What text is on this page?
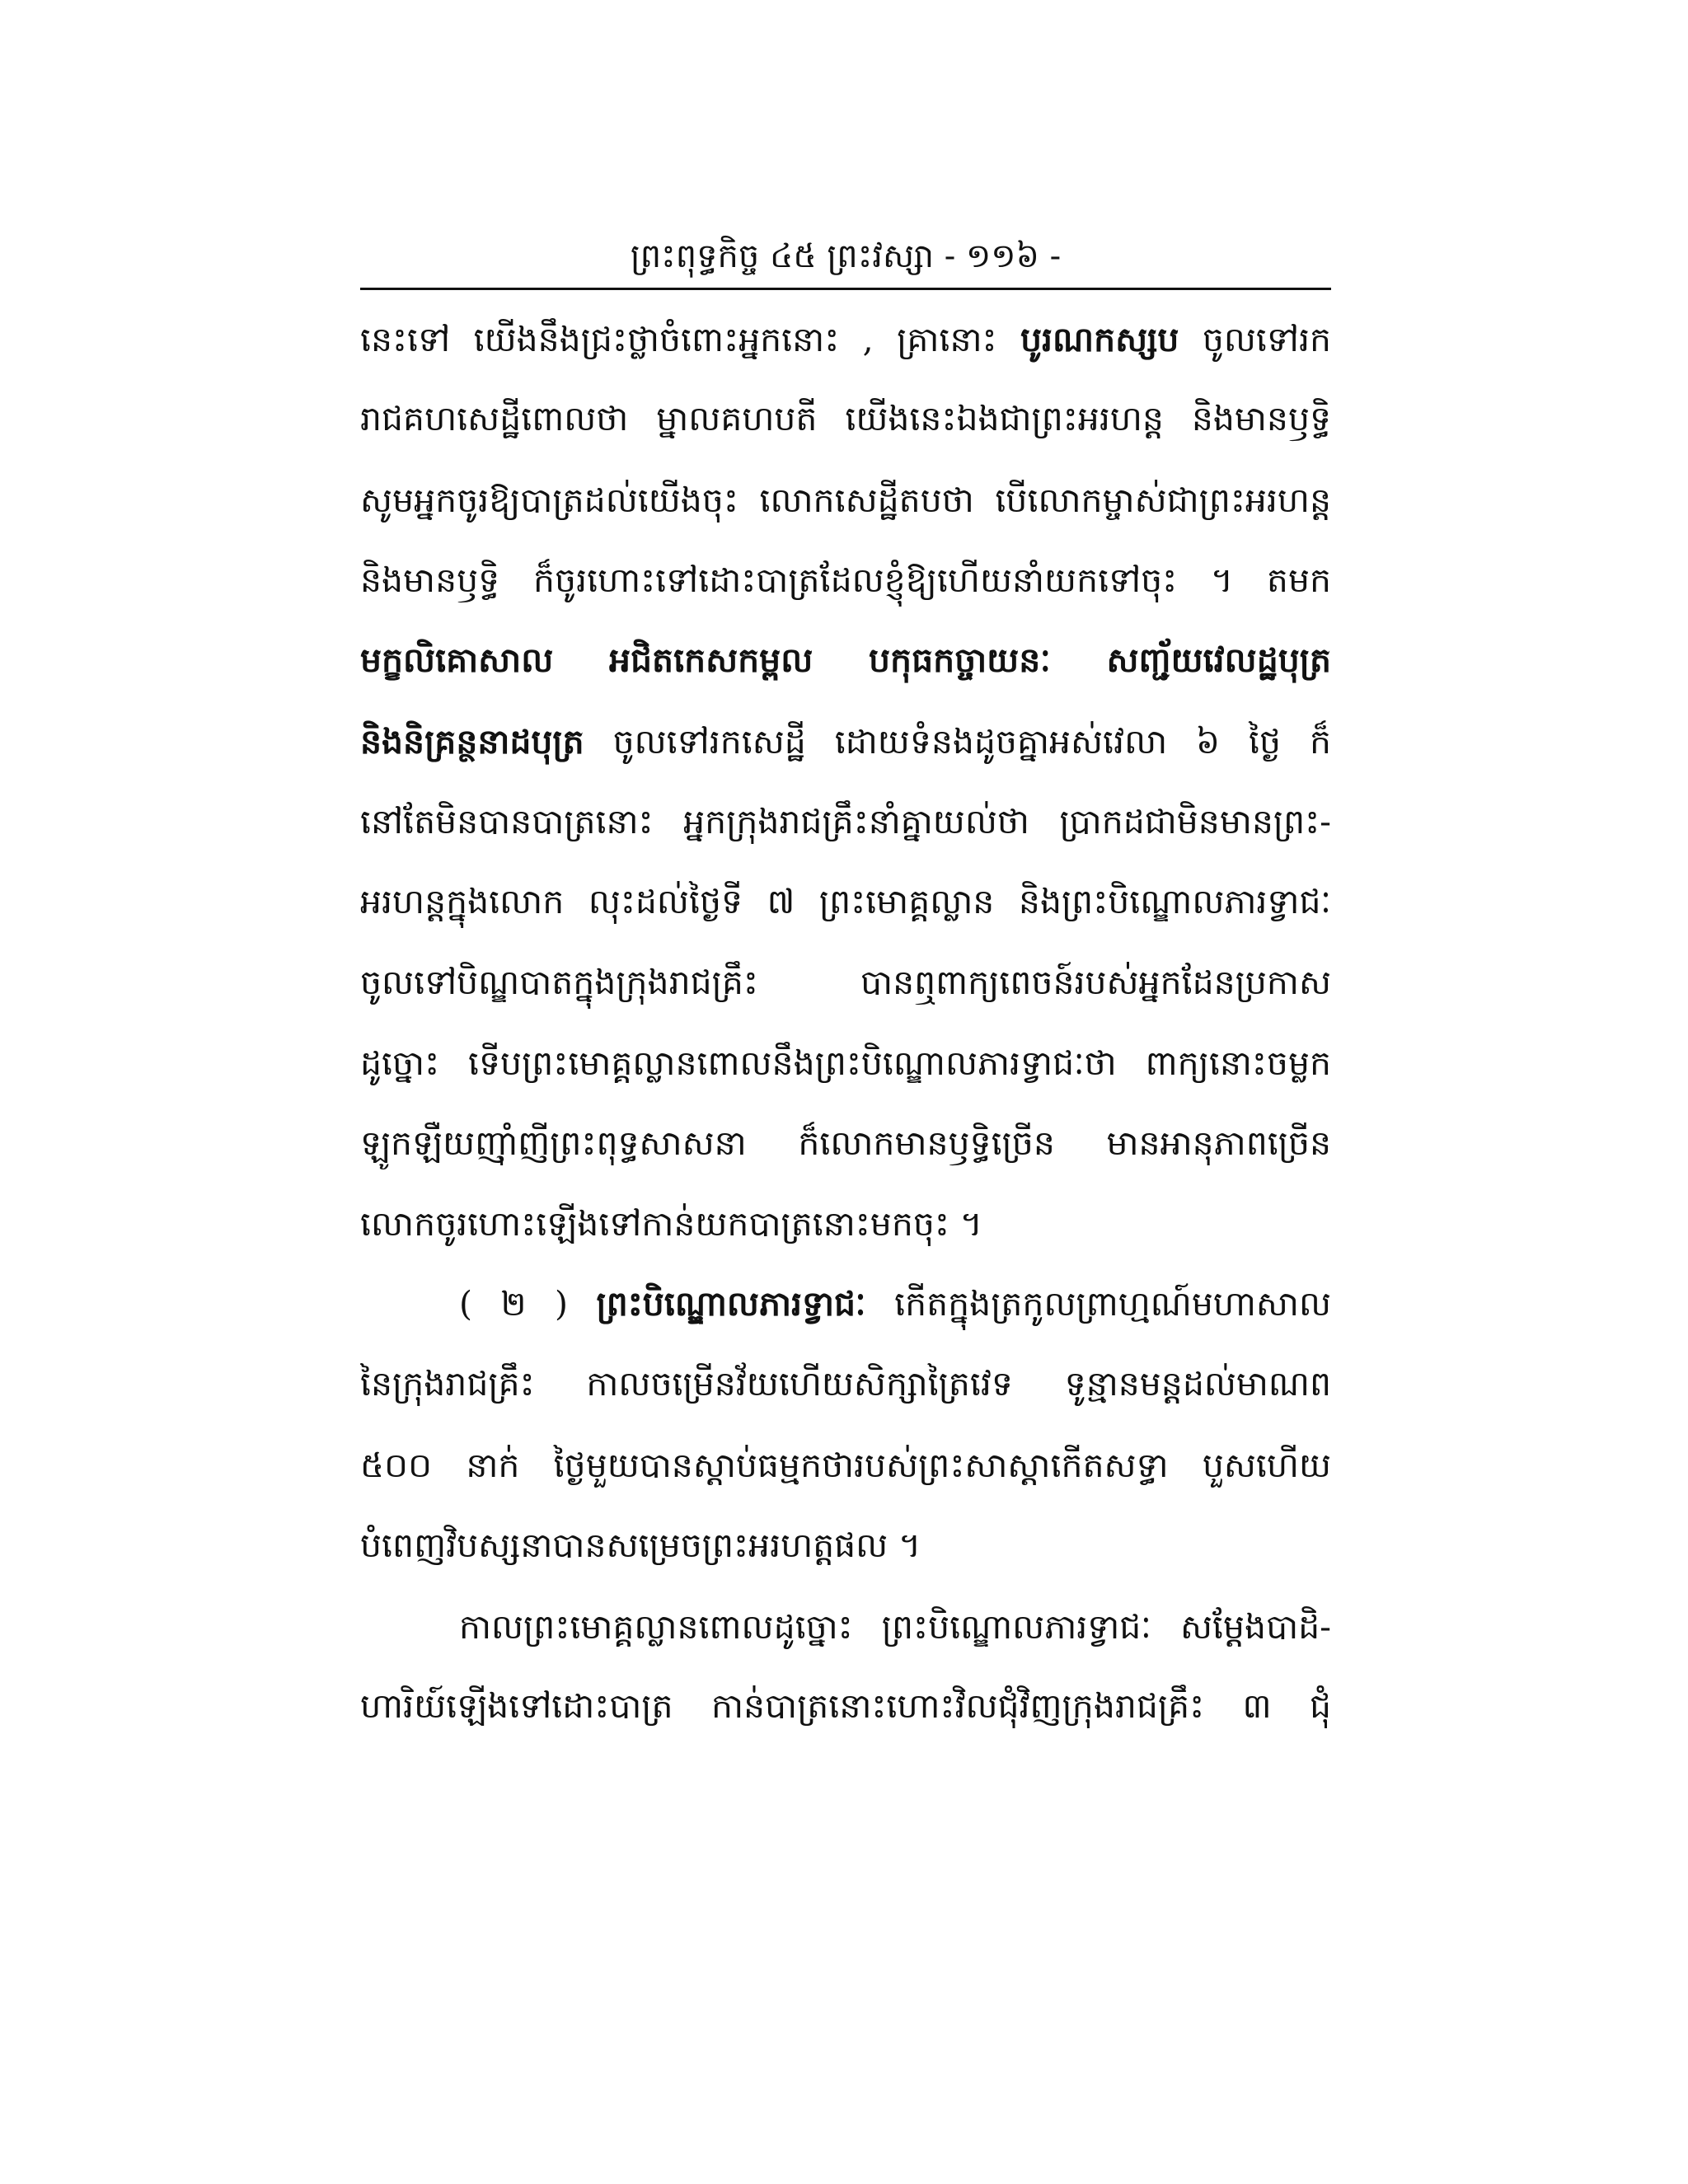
ព្រះពុទ្ធកិច្ច ៤៥ ព្រះវស្សា - ១១៦ -
នេះទៅ យើងនឹងជ្រះថ្លាចំពោះអ្នកនោះ , គ្រានោះ បូរណកស្សប ចូលទៅរក
រាជគហសេដ្ឋីពោលថា ម្នាលគហបតី យើងនេះឯងជាព្រះអរហន្ត និងមានឫទ្ធិ
សូមអ្នកចូរឱ្យបាត្រដល់យើងចុះ លោកសេដ្ឋីតបថា បើលោកម្ចាស់ជាព្រះអរហន្ត
និងមានឫទ្ធិ ក៏ចូរហោះទៅដោះបាត្រដែលខ្ញុំឱ្យហើយនាំយកទៅចុះ ។ តមក
មក្ខលិគោសាល អជិតកេសកម្ពល បកុធកច្ចាយនៈ សញ្ជ័យវេលដ្ឋបុត្រ
និងនិគ្រន្ថនាដបុត្រ ចូលទៅរកសេដ្ឋី ដោយទំនងដូចគ្នាអស់វេលា ៦ ថ្ងៃ ក៏
នៅតែមិនបានបាត្រនោះ អ្នកក្រុងរាជគ្រឹះនាំគ្នាយល់ថា ប្រាកដជាមិនមានព្រះ-
អរហន្តក្នុងលោក លុះដល់ថ្ងៃទី ៧ ព្រះមោគ្គល្លាន និងព្រះបិណ្ឌោលភារទ្វាជៈ
ចូលទៅបិណ្ឌបាតក្នុងក្រុងរាជគ្រឹះ បានឮពាក្យពេចន៍របស់អ្នកដែនប្រកាស
ដូច្នោះ ទើបព្រះមោគ្គល្លានពោលនឹងព្រះបិណ្ឌោលភារទ្វាជៈថា ពាក្យនោះចម្លក
ឡូកឡឺយញ៉ាំញីព្រះពុទ្ធសាសនា ក៏លោកមានឫទ្ធិច្រើន មានអានុភាពច្រើន
លោកចូរហោះឡើងទៅកាន់យកបាត្រនោះមកចុះ ។
( ២ ) ព្រះបិណ្ឌោលភារទ្វាជៈ កើតក្នុងត្រកូលព្រាហ្មណ៍មហាសាល
នៃក្រុងរាជគ្រឹះ កាលចម្រើនវ័យហើយសិក្សាត្រៃវេទ ទូន្មានមន្តដល់មាណព
៥០០ នាក់ ថ្ងៃមួយបានស្តាប់ធម្មកថារបស់ព្រះសាស្តាកើតសទ្ធា បួសហើយ
បំពេញវិបស្សនាបានសម្រេចព្រះអរហត្តផល ។
កាលព្រះមោគ្គល្លានពោលដូច្នោះ ព្រះបិណ្ឌោលភារទ្វាជៈ សម្តែងបាដិ-
ហារិយ៍ឡើងទៅដោះបាត្រ កាន់បាត្រនោះហោះវិលជុំវិញក្រុងរាជគ្រឹះ ៣ ជុំ
